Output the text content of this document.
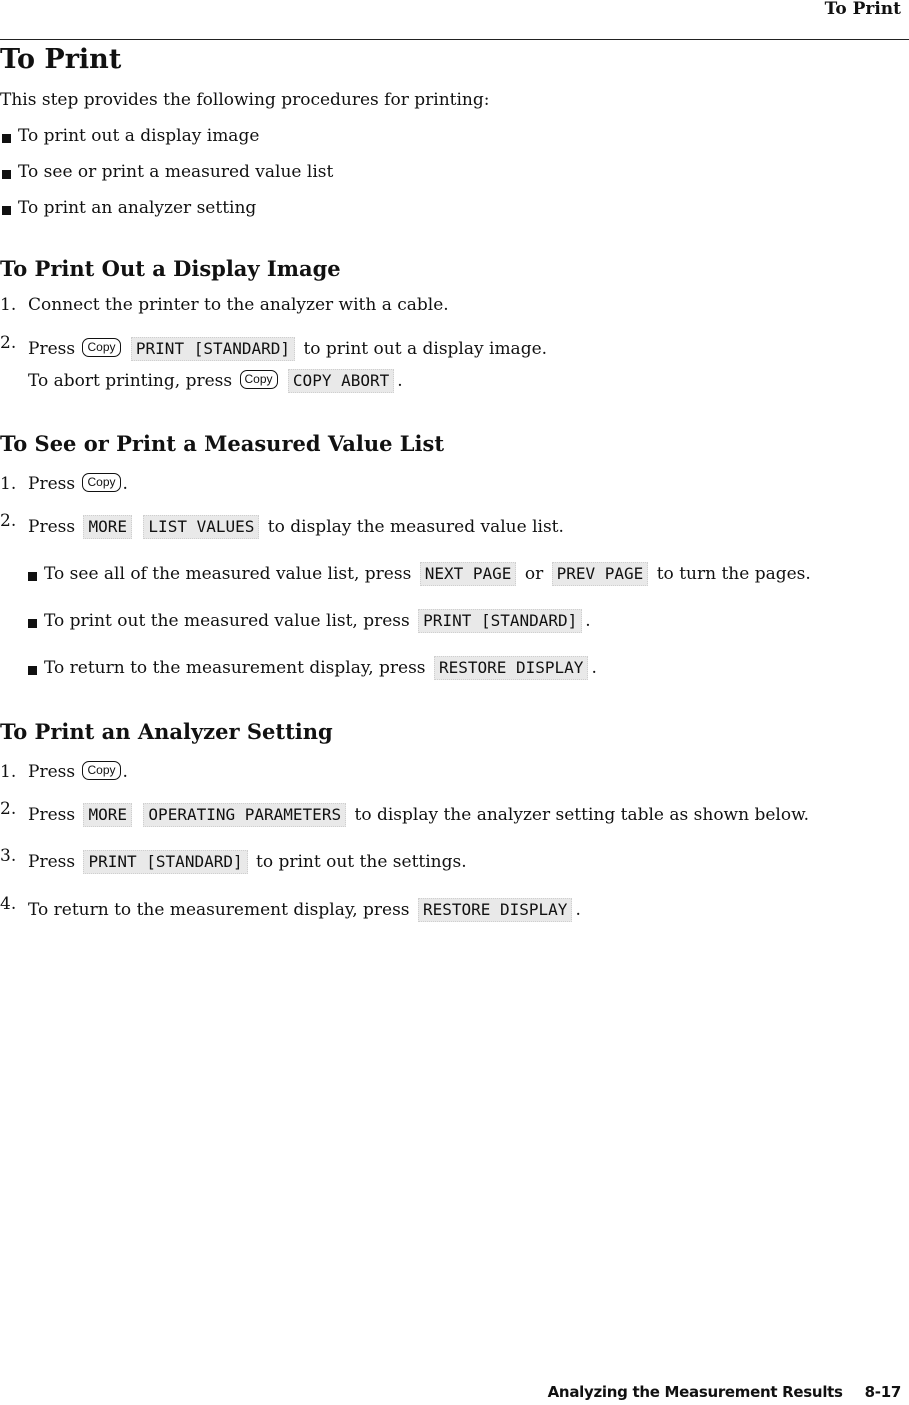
To Print
To Print
This step provides the following procedures for printing:
To print out a display image
To see or print a measured value list
To print an analyzer setting
To Print Out a Display Image
1. Connect the printer to the analyzer with a cable.
2. Press Copy PRINT [STANDARD] to print out a display image.
To abort printing, press Copy COPY ABORT .
To See or Print a Measured Value List
1. Press Copy .
2. Press MORE LIST VALUES to display the measured value list.
To see all of the measured value list, press
NEXT PAGE
or
PREV PAGE
to turn the pages.
To print out the measured value list, press
PRINT [STANDARD] .
To return to the measurement display, press
RESTORE DISPLAY .
To Print an Analyzer Setting
1. Press Copy .
2. Press MORE OPERATING PARAMETERS to display the analyzer setting table as shown below.
3. Press PRINT [STANDARD] to print out the settings.
4. To return to the measurement display, press RESTORE DISPLAY .
Analyzing the Measurement Results 8-17
